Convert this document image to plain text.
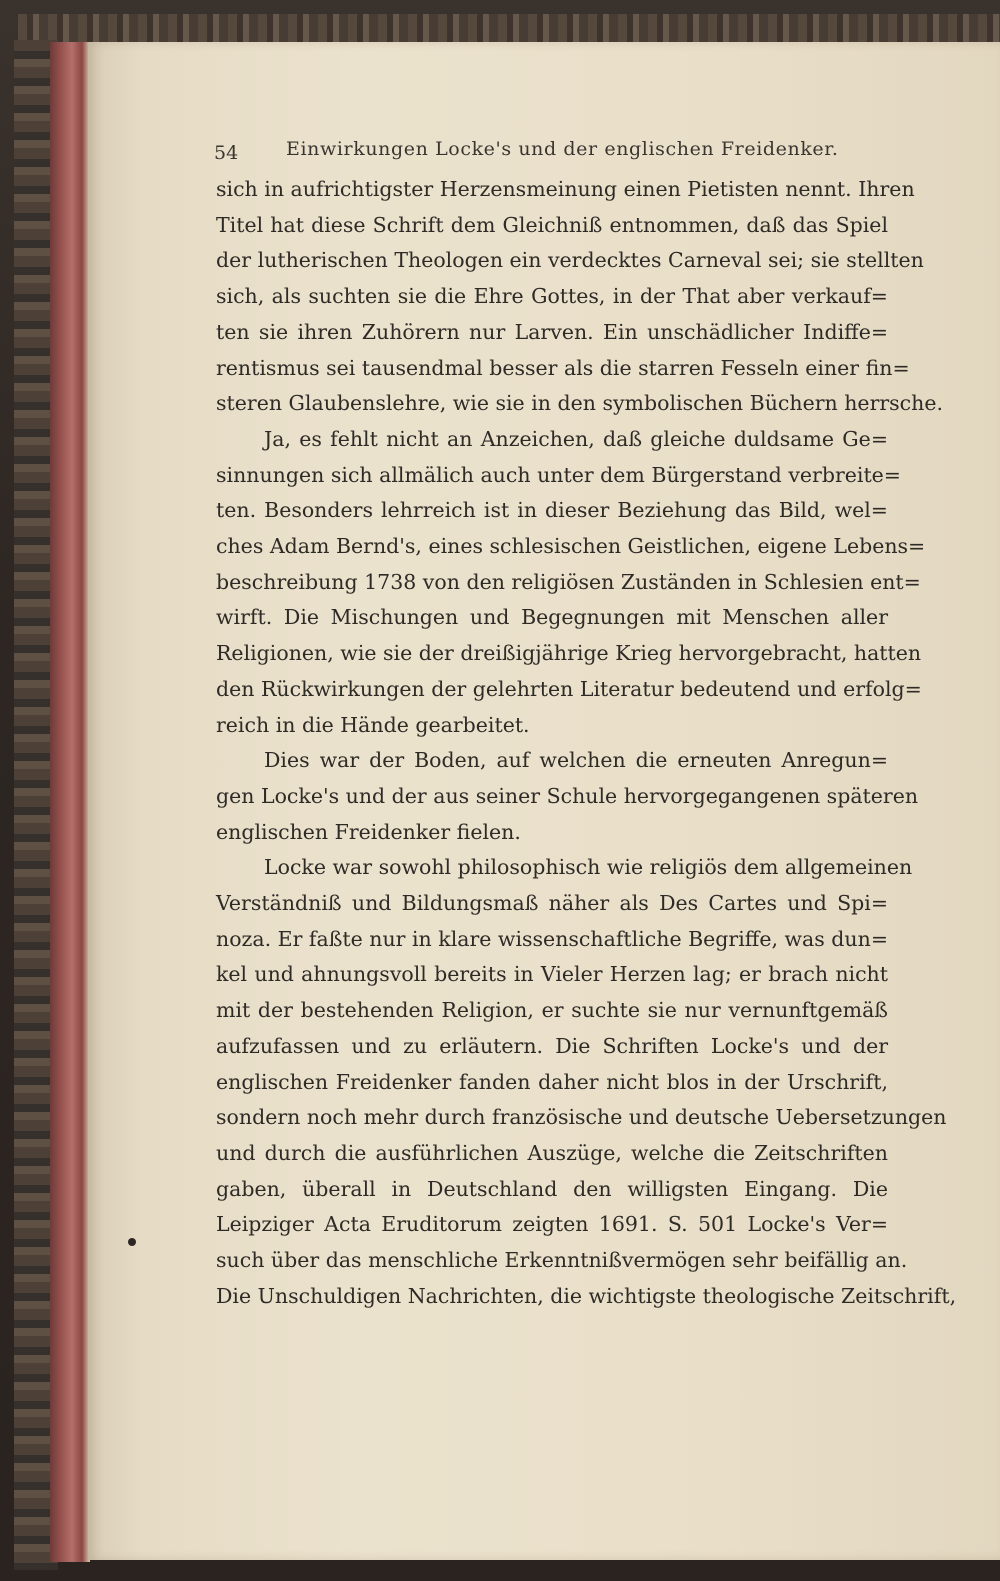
54	Einwirkungen Locke's und der englischen Freidenker.
sich in aufrichtigster Herzensmeinung einen Pietisten nennt. Ihren
Titel hat diese Schrift dem Gleichniß entnommen, daß das Spiel
der lutherischen Theologen ein verdecktes Carneval sei; sie stellten
sich, als suchten sie die Ehre Gottes, in der That aber verkauf=
ten sie ihren Zuhörern nur Larven. Ein unschädlicher Indiffe=
rentismus sei tausendmal besser als die starren Fesseln einer fin=
steren Glaubenslehre, wie sie in den symbolischen Büchern herrsche.
Ja, es fehlt nicht an Anzeichen, daß gleiche duldsame Ge=
sinnungen sich allmälich auch unter dem Bürgerstand verbreite=
ten. Besonders lehrreich ist in dieser Beziehung das Bild, wel=
ches Adam Bernd's, eines schlesischen Geistlichen, eigene Lebens=
beschreibung 1738 von den religiösen Zuständen in Schlesien ent=
wirft. Die Mischungen und Begegnungen mit Menschen aller
Religionen, wie sie der dreißigjährige Krieg hervorgebracht, hatten
den Rückwirkungen der gelehrten Literatur bedeutend und erfolg=
reich in die Hände gearbeitet.
Dies war der Boden, auf welchen die erneuten Anregun=
gen Locke's und der aus seiner Schule hervorgegangenen späteren
englischen Freidenker fielen.
Locke war sowohl philosophisch wie religiös dem allgemeinen
Verständniß und Bildungsmaß näher als Des Cartes und Spi=
noza. Er faßte nur in klare wissenschaftliche Begriffe, was dun=
kel und ahnungsvoll bereits in Vieler Herzen lag; er brach nicht
mit der bestehenden Religion, er suchte sie nur vernunftgemäß
aufzufassen und zu erläutern. Die Schriften Locke's und der
englischen Freidenker fanden daher nicht blos in der Urschrift,
sondern noch mehr durch französische und deutsche Uebersetzungen
und durch die ausführlichen Auszüge, welche die Zeitschriften
gaben, überall in Deutschland den willigsten Eingang. Die
Leipziger Acta Eruditorum zeigten 1691. S. 501 Locke's Ver=
such über das menschliche Erkenntnißvermögen sehr beifällig an.
Die Unschuldigen Nachrichten, die wichtigste theologische Zeitschrift,
